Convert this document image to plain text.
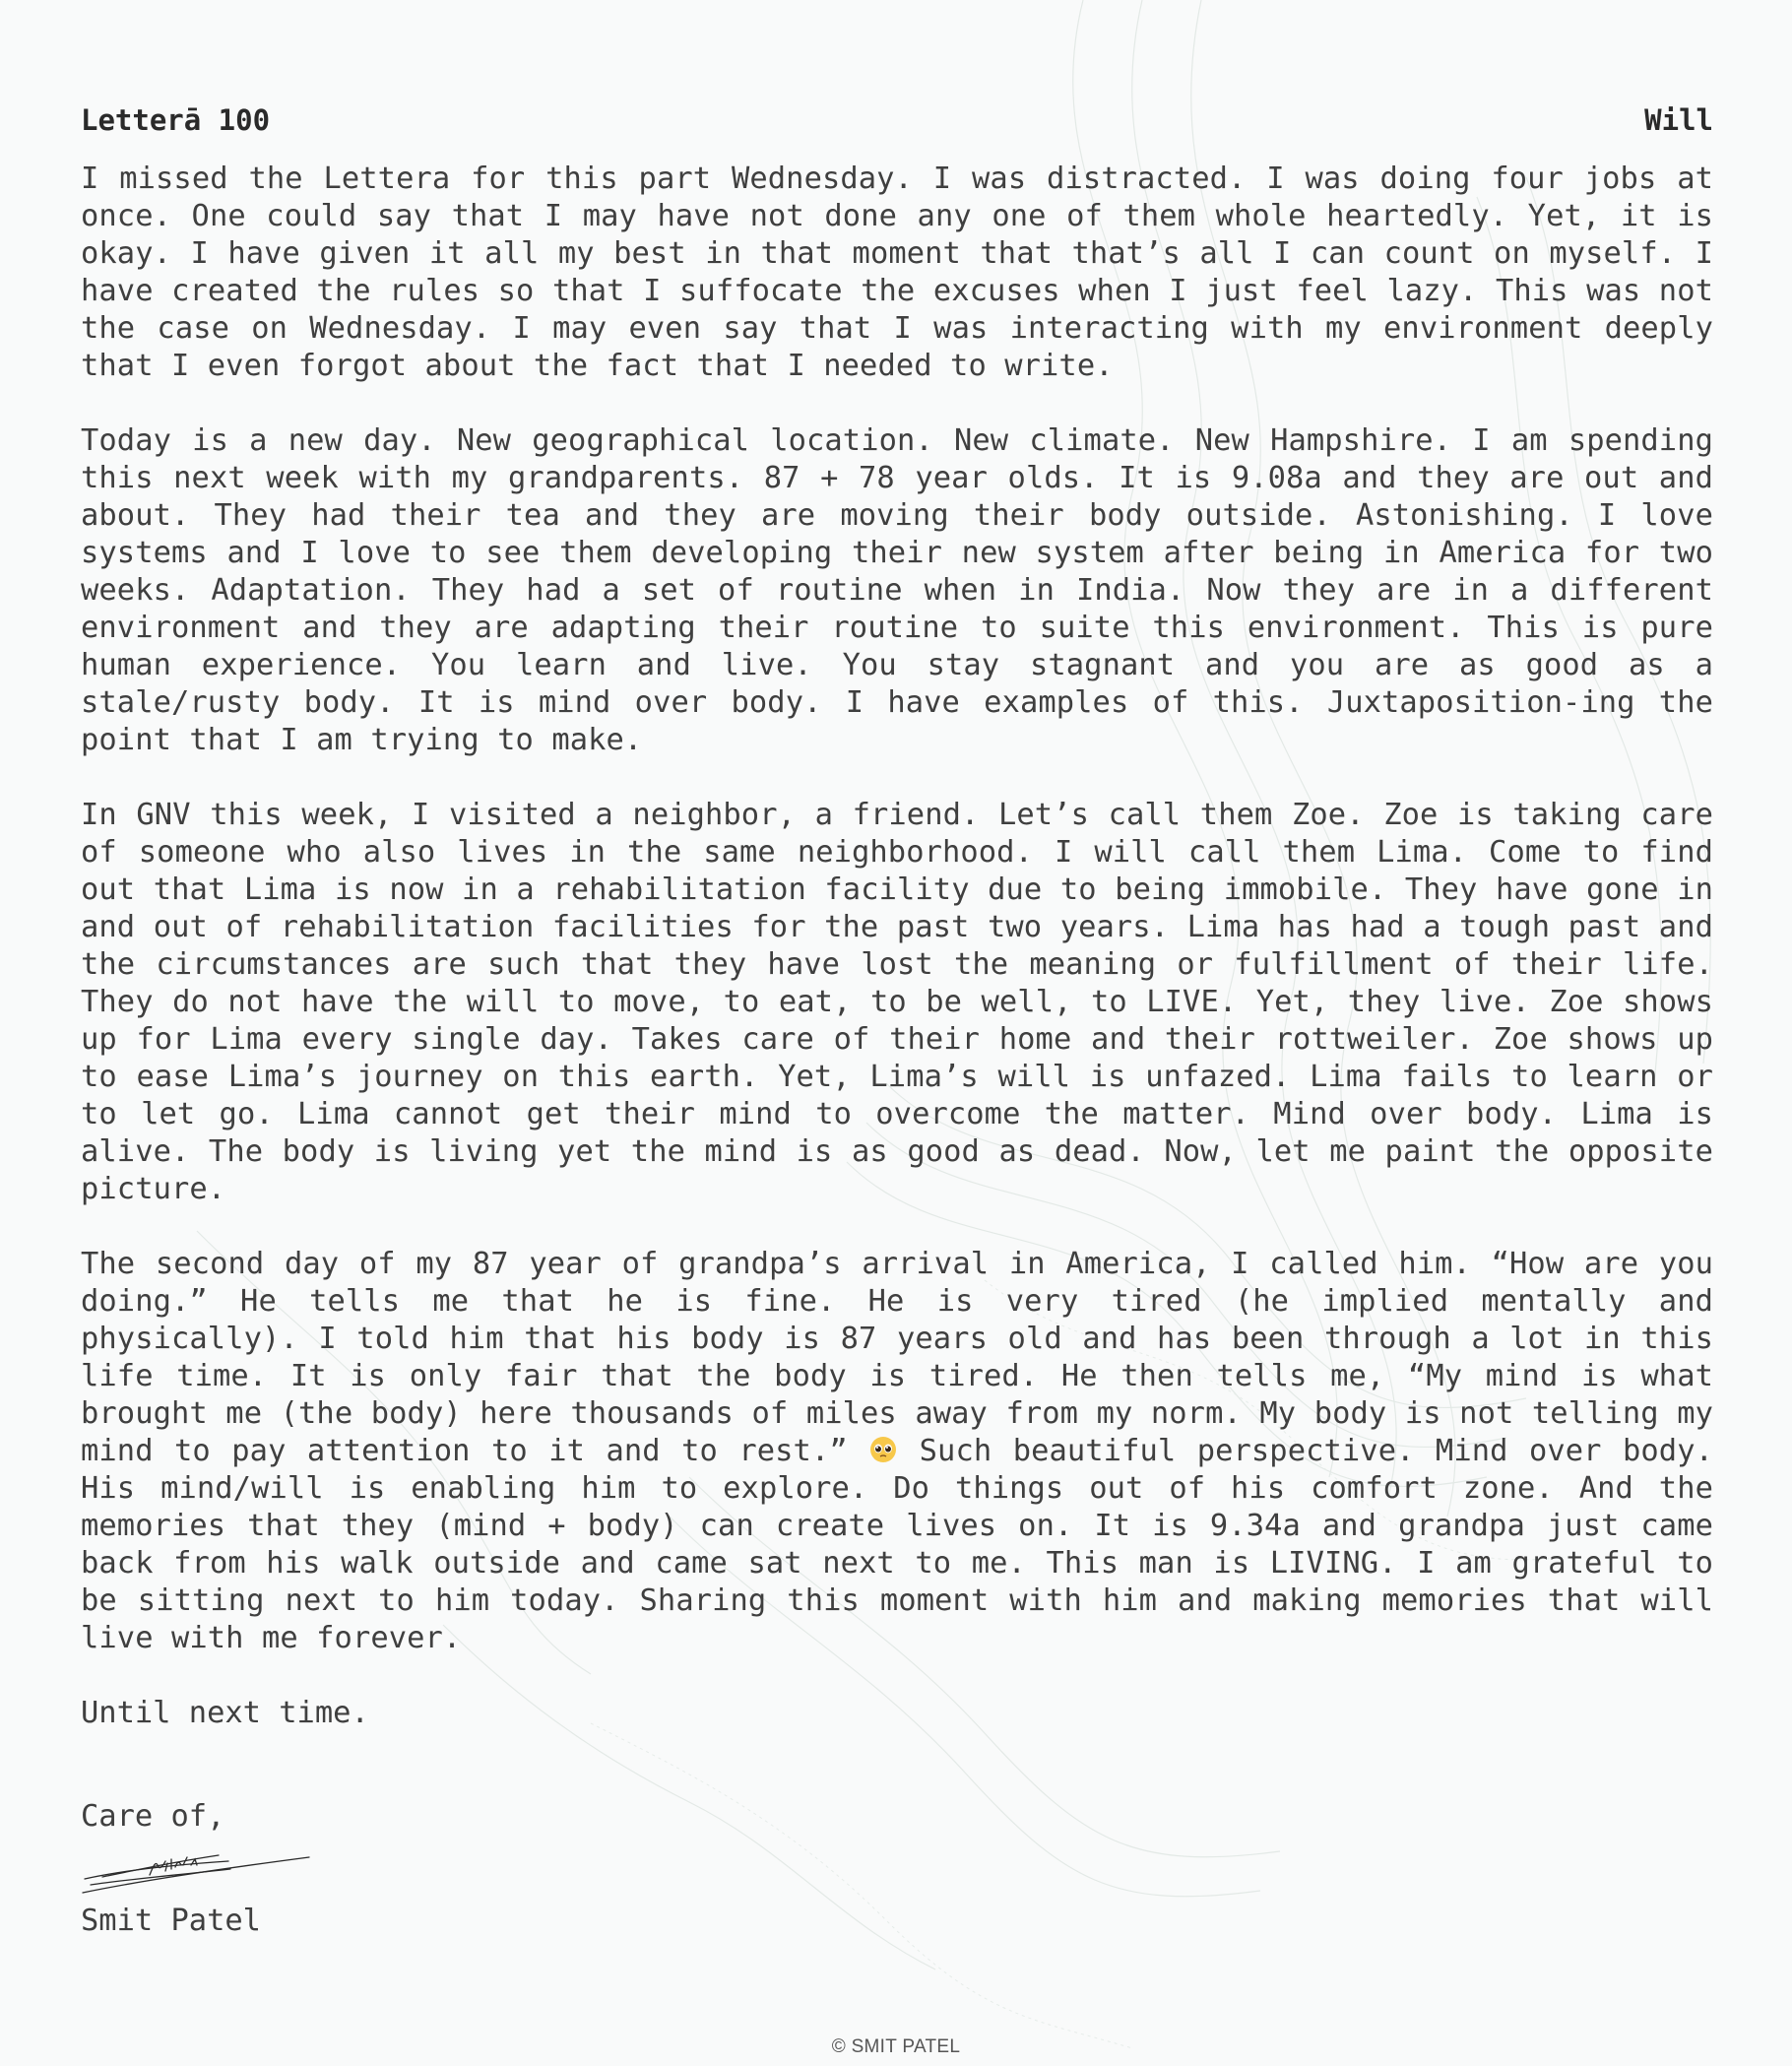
Letterā 100	Will

I missed the Lettera for this part Wednesday. I was distracted. I was doing four jobs at once. One could say that I may have not done any one of them whole heartedly. Yet, it is okay. I have given it all my best in that moment that that’s all I can count on myself. I have created the rules so that I suffocate the excuses when I just feel lazy. This was not the case on Wednesday. I may even say that I was interacting with my environment deeply that I even forgot about the fact that I needed to write.

Today is a new day. New geographical location. New climate. New Hampshire. I am spending this next week with my grandparents. 87 + 78 year olds. It is 9.08a and they are out and about. They had their tea and they are moving their body outside. Astonishing. I love systems and I love to see them developing their new system after being in America for two weeks. Adaptation. They had a set of routine when in India. Now they are in a different environment and they are adapting their routine to suite this environment. This is pure human experience. You learn and live. You stay stagnant and you are as good as a stale/rusty body. It is mind over body. I have examples of this. Juxtaposition-ing the point that I am trying to make.

In GNV this week, I visited a neighbor, a friend. Let’s call them Zoe. Zoe is taking care of someone who also lives in the same neighborhood. I will call them Lima. Come to find out that Lima is now in a rehabilitation facility due to being immobile. They have gone in and out of rehabilitation facilities for the past two years. Lima has had a tough past and the circumstances are such that they have lost the meaning or fulfillment of their life. They do not have the will to move, to eat, to be well, to LIVE. Yet, they live. Zoe shows up for Lima every single day. Takes care of their home and their rottweiler. Zoe shows up to ease Lima’s journey on this earth. Yet, Lima’s will is unfazed. Lima fails to learn or to let go. Lima cannot get their mind to overcome the matter. Mind over body. Lima is alive. The body is living yet the mind is as good as dead. Now, let me paint the opposite picture.

The second day of my 87 year of grandpa’s arrival in America, I called him. “How are you doing.” He tells me that he is fine. He is very tired (he implied mentally and physically). I told him that his body is 87 years old and has been through a lot in this life time. It is only fair that the body is tired. He then tells me, “My mind is what brought me (the body) here thousands of miles away from my norm. My body is not telling my mind to pay attention to it and to rest.”  Such beautiful perspective. Mind over body. His mind/will is enabling him to explore. Do things out of his comfort zone. And the memories that they (mind + body) can create lives on. It is 9.34a and grandpa just came back from his walk outside and came sat next to me. This man is LIVING. I am grateful to be sitting next to him today. Sharing this moment with him and making memories that will live with me forever.

Until next time.

Care of,
Smit Patel
© SMIT PATEL
